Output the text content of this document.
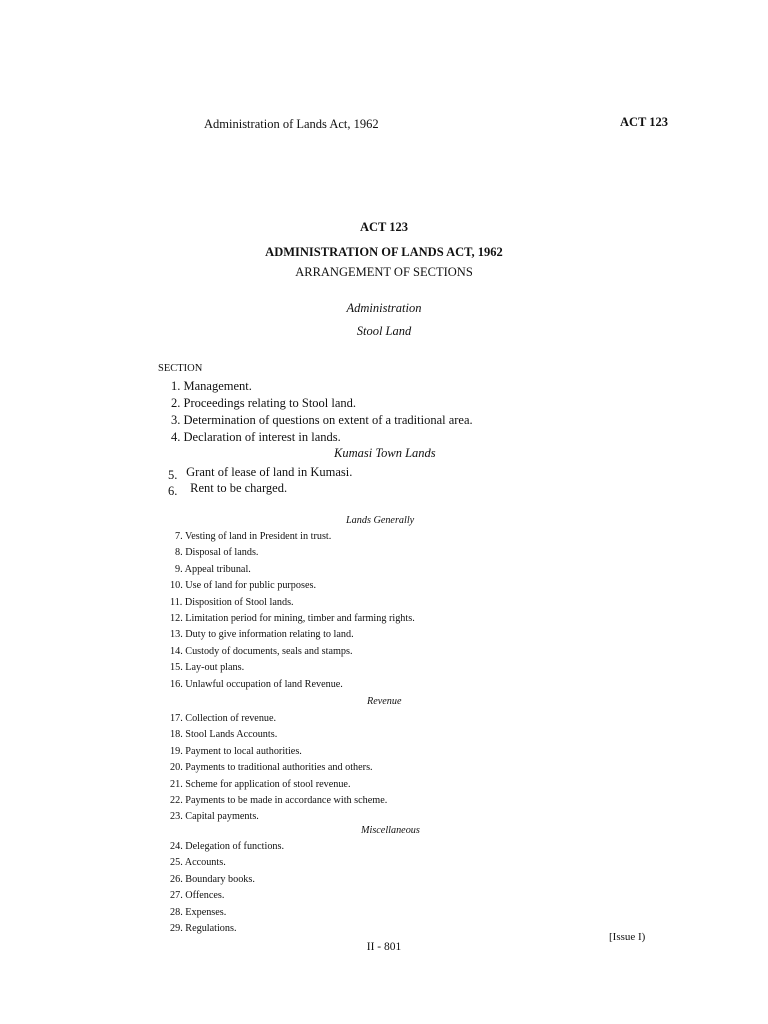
Administration of Lands Act, 1962	ACT 123
ACT 123
ADMINISTRATION OF LANDS ACT, 1962
ARRANGEMENT OF SECTIONS
Administration
Stool Land
SECTION
1. Management.
2. Proceedings relating to Stool land.
3. Determination of questions on extent of a traditional area.
4. Declaration of interest in lands.
Kumasi Town Lands
5. Grant of lease of land in Kumasi.
6. Rent to be charged.
Lands Generally
7. Vesting of land in President in trust.
8. Disposal of lands.
9. Appeal tribunal.
10. Use of land for public purposes.
11. Disposition of Stool lands.
12. Limitation period for mining, timber and farming rights.
13. Duty to give information relating to land.
14. Custody of documents, seals and stamps.
15. Lay-out plans.
16. Unlawful occupation of land Revenue.
Revenue
17. Collection of revenue.
18. Stool Lands Accounts.
19. Payment to local authorities.
20. Payments to traditional authorities and others.
21. Scheme for application of stool revenue.
22. Payments to be made in accordance with scheme.
23. Capital payments.
Miscellaneous
24. Delegation of functions.
25. Accounts.
26. Boundary books.
27. Offences.
28. Expenses.
29. Regulations.
[Issue I)
II - 801
